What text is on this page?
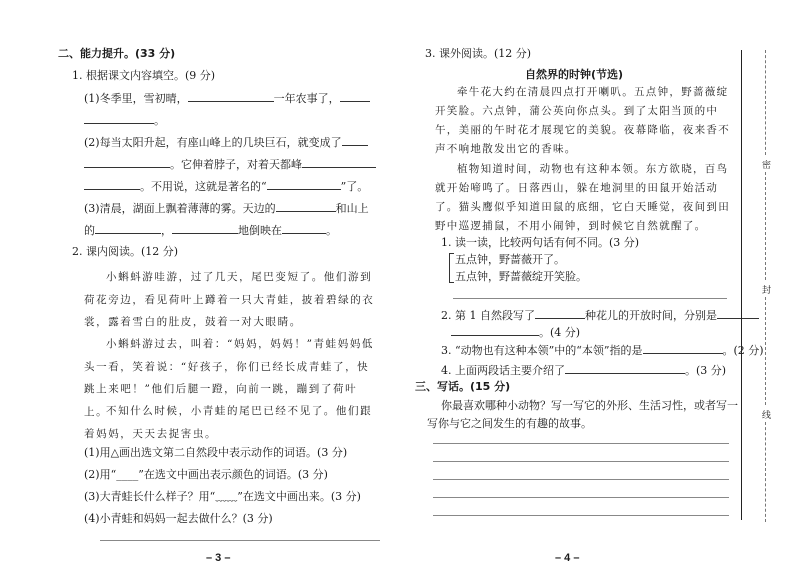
二、能力提升。(33 分)
1. 根据课文内容填空。(9 分)
(1)冬季里，雪初晴，	一年农事了，
。
(2)每当太阳升起，有座山峰上的几块巨石，就变成了
。它伸着脖子，对着天都峰
。不用说，这就是著名的“	”了。
(3)清晨，湖面上飘着薄薄的雾。天边的	和山上
的	，	地倒映在	。
2. 课内阅读。(12 分)
小蝌蚪游哇游，过了几天，尾巴变短了。他们游到荷花旁边，看见荷叶上蹲着一只大青蛙，披着碧绿的衣裳，露着雪白的肚皮，鼓着一对大眼睛。
小蝌蚪游过去，叫着：“妈妈，妈妈！”青蛙妈妈低头一看，笑着说：“好孩子，你们已经长成青蛙了，快跳上来吧！”他们后腿一蹬，向前一跳，蹦到了荷叶上。
不知什么时候，小青蛙的尾巴已经不见了。他们跟着妈妈，天天去捉害虫。
(1)用△画出选文第二自然段中表示动作的词语。(3 分)
(2)用“____”在选文中画出表示颜色的词语。(3 分)
(3)大青蛙长什么样子？用“﹏﹏”在选文中画出来。(3 分)
(4)小青蛙和妈妈一起去做什么？(3 分)
– 3 –
3. 课外阅读。(12 分)
自然界的时钟(节选)
牵牛花大约在清晨四点打开喇叭。五点钟，野蔷薇绽开笑脸。六点钟，蒲公英向你点头。到了太阳当顶的中午，美丽的午时花才展现它的美貌。夜幕降临，夜来香不声不响地散发出它的香味。
植物知道时间，动物也有这种本领。东方欲晓，百鸟就开始啼鸣了。日落西山，躲在地洞里的田鼠开始活动了。猫头鹰似乎知道田鼠的底细，它白天睡觉，夜间到田野中巡逻捕鼠，不用小闹钟，到时候它自然就醒了。
1. 读一读，比较两句话有何不同。(3 分)
五点钟，野蔷薇开了。
五点钟，野蔷薇绽开笑脸。
2. 第 1 自然段写了	种花儿的开放时间，分别是
。(4 分)
3. “动物也有这种本领”中的“本领”指的是	。(2 分)
4. 上面两段话主要介绍了	。(3 分)
三、写话。(15 分)
你最喜欢哪种小动物？写一写它的外形、生活习性，或者写一
写你与它之间发生的有趣的故事。
– 4 –
密
封
线
